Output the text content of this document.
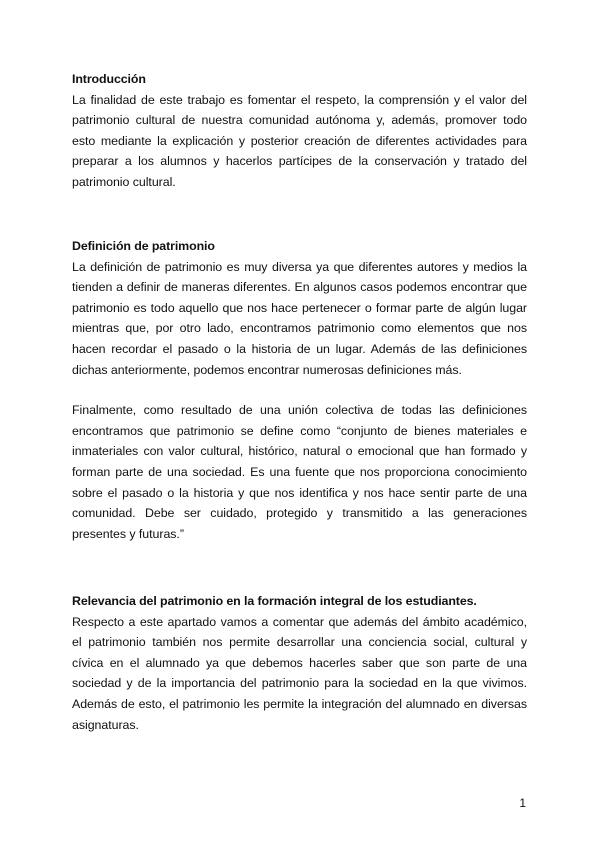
Introducción

La finalidad de este trabajo es fomentar el respeto, la comprensión y el valor del patrimonio cultural de nuestra comunidad autónoma y, además, promover todo esto mediante la explicación y posterior creación de diferentes actividades para preparar a los alumnos y hacerlos partícipes de la conservación y tratado del patrimonio cultural.

Definición de patrimonio

La definición de patrimonio es muy diversa ya que diferentes autores y medios la tienden a definir de maneras diferentes. En algunos casos podemos encontrar que patrimonio es todo aquello que nos hace pertenecer o formar parte de algún lugar mientras que, por otro lado, encontramos patrimonio como elementos que nos hacen recordar el pasado o la historia de un lugar. Además de las definiciones dichas anteriormente, podemos encontrar numerosas definiciones más.

Finalmente, como resultado de una unión colectiva de todas las definiciones encontramos que patrimonio se define como “conjunto de bienes materiales e inmateriales con valor cultural, histórico, natural o emocional que han formado y forman parte de una sociedad. Es una fuente que nos proporciona conocimiento sobre el pasado o la historia y que nos identifica y nos hace sentir parte de una comunidad. Debe ser cuidado, protegido y transmitido a las generaciones presentes y futuras.”

Relevancia del patrimonio en la formación integral de los estudiantes.

Respecto a este apartado vamos a comentar que además del ámbito académico, el patrimonio también nos permite desarrollar una conciencia social, cultural y cívica en el alumnado ya que debemos hacerles saber que son parte de una sociedad y de la importancia del patrimonio para la sociedad en la que vivimos. Además de esto, el patrimonio les permite la integración del alumnado en diversas asignaturas.

1
